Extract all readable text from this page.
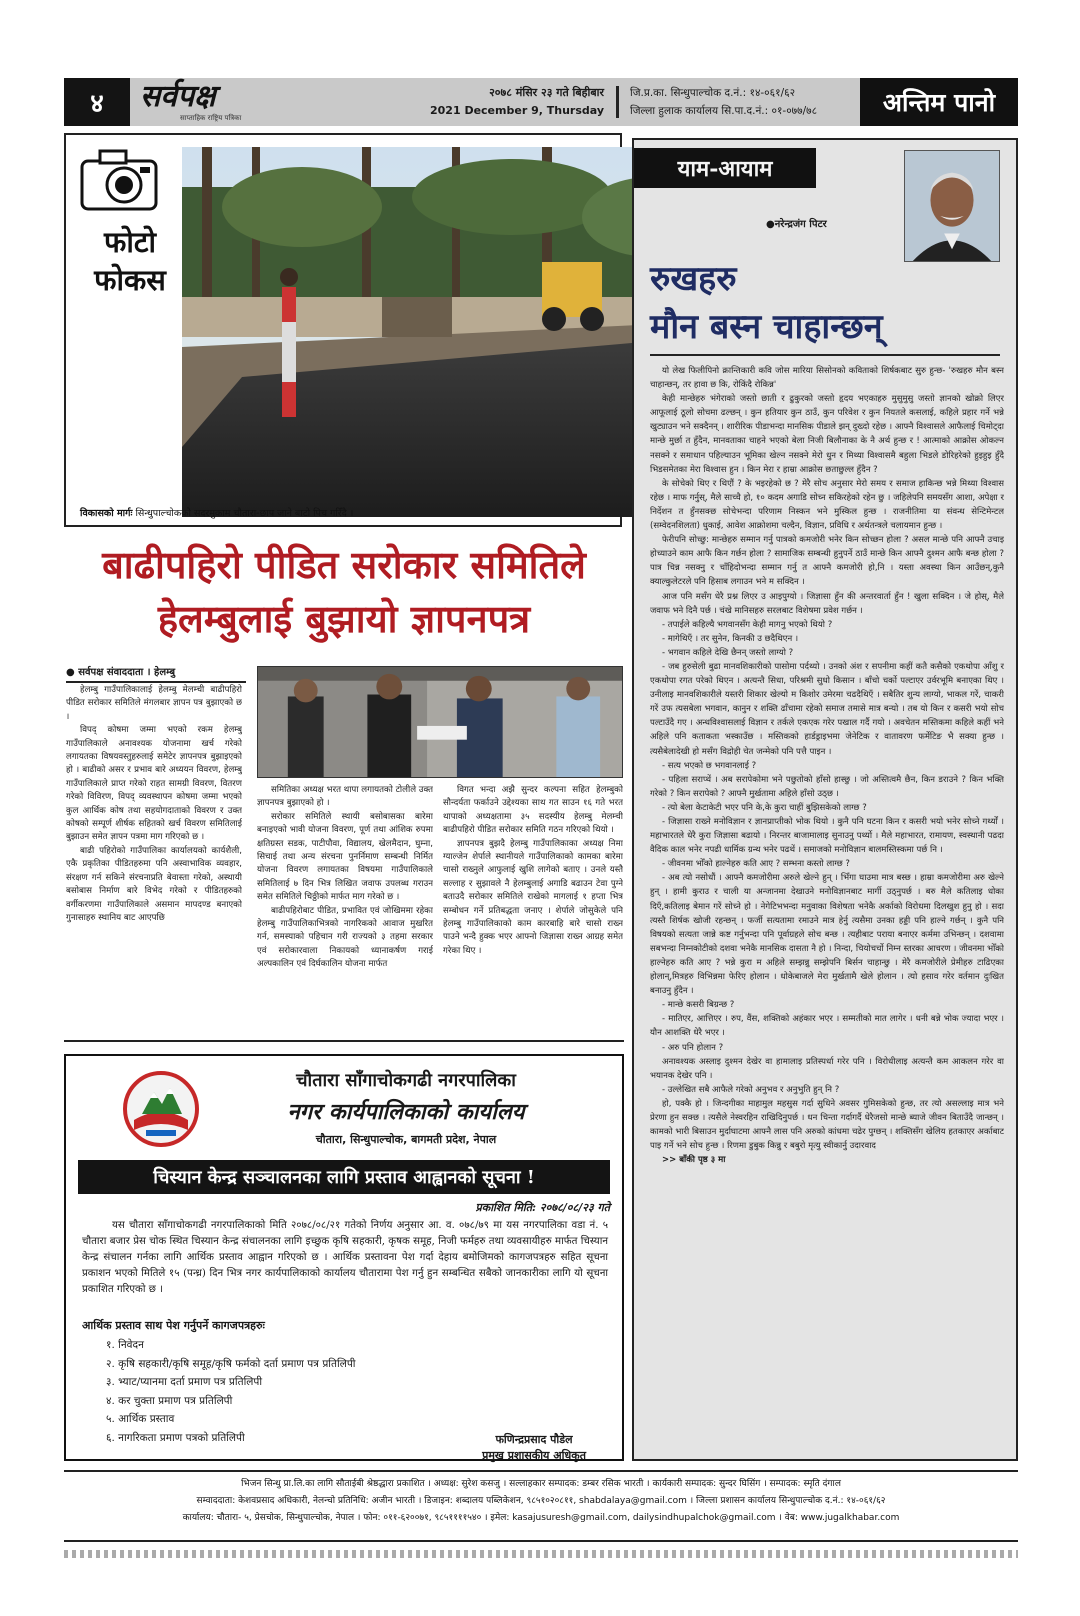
४	सर्वपक्ष
साप्ताहिक राष्ट्रिय पत्रिका
२०७८ मंसिर २३ गते बिहीबार
2021 December 9, Thursday
जि.प्र.का. सिन्धुपाल्चोक द.नं.: १४-०६१/६२
जिल्ला हुलाक कार्यालय सि.पा.द.नं.: ०१-०७७/७८	अन्तिम पानो
फोटो
फोकस
विकासको मार्गः सिन्धुपाल्चोकको सदरमुकाम चौतारा-छाप जाने बाटो पिच गरिँदै ।
बाढीपहिरो पीडित सरोकार समितिले
हेलम्बुलाई बुझायो ज्ञापनपत्र
● सर्वपक्ष संवाददाता । हेलम्बु

हेलम्बु गाउँपालिकालाई हेलम्बु मेलम्ची बाढीपहिरो पीडित सरोकार समितिले मंगलबार ज्ञापन पत्र बुझाएको छ ।

विपद् कोषमा जम्मा भएको रकम हेलम्बु गाउँपालिकाले अनावश्यक योजनामा खर्च गरेको लगायतका विषयवस्तुहरुलाई समेटेर ज्ञापनपत्र बुझाइएको हो । बाढीको असर र प्रभाव बारे अध्ययन विवरण, हेलम्बु गाउँपालिकाले प्राप्त गरेको राहत सामग्री विवरण, वितरण गरेको विविरण, विपद् व्यवस्थापन कोषमा जम्मा भएको कुल आर्थिक कोष तथा सहयोगदाताको विवरण र उक्त कोषको सम्पूर्ण शीर्षक सहितको खर्च विवरण समितिलाई बुझाउन समेत ज्ञापन पत्रमा माग गरिएको छ ।

बाढी पहिरोको गाउँपालिका कार्यालयको कार्यशैली, एकै प्रकृतिका पीडितहरुमा पनि अस्वाभाविक व्यवहार, संरक्षण गर्न सकिने संरचनाप्रति बेवास्ता गरेको, अस्थायी बसोबास निर्माण बारे विभेद गरेको र पीडितहरुको वर्गीकरणमा गाउँपालिकाले असमान मापदण्ड बनाएको गुनासाहरु स्थानिय बाट आएपछि

समितिका अध्यक्ष भरत थापा लगायतको टोलीले उक्त ज्ञापनपत्र बुझाएको हो ।

सरोकार समितिले स्थायी बसोबासका बारेमा बनाइएको भावी योजना विवरण, पूर्ण तथा आंशिक रुपमा क्षतिग्रस्त सडक, पाटीपौवा, विद्यालय, खेलमैदान, घुम्ना, सिचाई तथा अन्य संरचना पुनर्निमाण सम्बन्धी निर्मित योजना विवरण लगायतका विषयमा गाउँपालिकाले समितिलाई ७ दिन भित्र लिखित जवाफ उपलब्ध गराउन समेत समितिले चिठ्ठीको मार्फत माग गरेको छ ।

बाढीपहिरोबाट पीडित, प्रभावित एवं जोखिममा रहेका हेलम्बु गाउँपालिकाभित्रको नागरिकको आवाज मुखरित गर्न, समस्याको पहिचान गरी राज्यको ३ तहमा सरकार एवं सरोकारवाला निकायको ध्यानाकर्षण गराई अल्पकालिन एवं दिर्घकालिन योजना मार्फत

विगत भन्दा अझै सुन्दर कल्पना सहित हेलम्बुको सौन्दर्यता फर्काउने उद्देश्यका साथ गत साउन १६ गते भरत थापाको अध्यक्षतामा ३५ सदस्यीय हेलम्बु मेलम्ची बाढीपहिरो पीडित सरोकार समिति गठन गरिएको थियो ।

ज्ञापनपत्र बुझदै हेलम्बु गाउँपालिकाका अध्यक्ष निमा ग्याल्जेन शेर्पाले स्थानीयले गाउँपालिकाको कामका बारेमा चासो राख्नुले आफुलाई खुशि लागेको बताए । उनले यस्तै सल्लाह र सुझावले नै हेलम्बुलाई अगाडि बढाउन टेवा पुग्ने बताउदै सरोकार समितिले राखेको मागलाई १ हप्ता भित्र सम्बोधन गर्ने प्रतिबद्धता जनाए । शेर्पाले जोसुकेले पनि हेलम्बु गाउँपालिकाको काम कारबाहि बारे चासो राख्न पाउने भन्दै हुक्क भएर आफ्नो जिज्ञासा राख्न आग्रह समेत गरेका थिए ।

चौतारा साँगाचोकगढी नगरपालिका
नगर कार्यपालिकाको कार्यालय
चौतारा, सिन्धुपाल्चोक, बागमती प्रदेश, नेपाल
चिस्यान केन्द्र सञ्चालनका लागि प्रस्ताव आह्वानको सूचना !
प्रकाशित मिति: २०७८/०८/२३ गते

यस चौतारा साँगाचोकगढी नगरपालिकाको मिति २०७८/०८/२१ गतेको निर्णय अनुसार आ. व. ०७८/७९ मा यस नगरपालिका वडा नं. ५ चौतारा बजार प्रेस चोक स्थित चिस्यान केन्द्र संचालनका लागि इच्छुक कृषि सहकारी, कृषक समूह, निजी फर्महरु तथा व्यवसायीहरु मार्फत चिस्यान केन्द्र संचालन गर्नका लागि आर्थिक प्रस्ताव आह्वान गरिएको छ । आर्थिक प्रस्तावना पेश गर्दा देहाय बमोजिमको कागजपत्रहरु सहित सूचना प्रकाशन भएको मितिले १५ (पन्ध्र) दिन भित्र नगर कार्यपालिकाको कार्यालय चौतारामा पेश गर्नु हुन सम्बन्धित सबैको जानकारीका लागि यो सूचना प्रकाशित गरिएको छ ।

आर्थिक प्रस्ताव साथ पेश गर्नुपर्ने कागजपत्रहरुः
१. निवेदन
२. कृषि सहकारी/कृषि समूह/कृषि फर्मको दर्ता प्रमाण पत्र प्रतिलिपी
३. भ्याट/प्यानमा दर्ता प्रमाण पत्र प्रतिलिपी
४. कर चुक्ता प्रमाण पत्र प्रतिलिपी
५. आर्थिक प्रस्ताव
६. नागरिकता प्रमाण पत्रको प्रतिलिपी	फणिन्द्रप्रसाद पौडेल
प्रमुख प्रशासकीय अधिकृत
याम-आयाम
●नरेन्द्रजंग पिटर
रुखहरु
मौन बस्न चाहान्छन्

यो लेख फिलीपिनो क्रान्तिकारी कवि जोस मारिया सिसोनको कविताको शिर्षकबाट सुरु हुन्छ- 'रुखहरु मौन बस्न चाहान्छन्, तर हावा छ कि, रोकिंदै रोकिन्न'

केही मान्छेहरु भंगेराको जस्तो छाती र ढुकुरको जस्तो हृदय भएकाहरु मुसुमुसु जस्तो ज्ञानको खोक्रो लिएर आफूलाई ठूलो सोचमा ढल्छन् । कुन हतियार कुन ठाउँ, कुन परिवेश र कुन नियतले कसलाई, कहिले प्रहार गर्ने भन्ने खुट्याउन भने सक्दैनन् । शारीरिक पीडाभन्दा मानसिक पीडाले झन् दुख्दो रहेछ । आफ्नै विश्वासले आफैलाई चिमोट्दा मान्छे मुर्छा त हुँदैन, मानवताका चाहने भएको बेला निजी बिलौनाका के नै अर्थ हुन्छ र ! आत्माको आक्रोस ओकल्न नसक्ने र समाधान पहिल्याउन भूमिका खेल्न नसक्ने मेरो धुन र मिथ्या विश्वासमै बहुला भिडले डोरिहरेको हुइहुइ हुँदै भिडसमेतका मेरा विश्वास हुन । किन मेरा र हाम्रा आक्रोस छताछुल्ल हुँदैन ?

के सोचेको थिए र थिएौं ? के भइरहेको छ ? मेरै सोच अनुसार मेरो समय र समाज हाकिन्छ भन्ने मिथ्या विश्वास रहेछ । माफ गर्नुस्, मैले साच्चै हो, १० कदम अगाडि सोच्न सकिरहेको रहेन छु । जहिलेपनि समयसँग आशा, अपेक्षा र निर्देशन त हुँनसक्छ सोचेभन्दा परिणाम निस्कन भने मुस्किल हुन्छ । राजनीतिमा या संवन्ध सेन्टिमेन्टल (सम्वेदनशिलता) धुकाई, आवेश आक्रोशमा चल्दैन, विज्ञान, प्रविधि र अर्थतन्त्रले चलायमान हुन्छ ।

फेरीपनि सोच्छु: मान्छेहरु सम्मान गर्नु पात्रको कमजोरी भनेर किन सोच्छन होला ? असल मान्छे पनि आफ्नै उचाइ होच्याउने काम आफै किन गर्छन होला ? सामाजिक सम्बन्धी हुनुपर्ने ठाउँ मान्छे किन आफ्नै दुश्मन आफै बन्छ होला ? पात्र चिन्न नसक्नु र चाँहिदोभन्दा सम्मान गर्नु त आफ्नै कमजोरी हो,नि । यस्ता अवस्था किन आउँछन्,कुनै क्याल्कुलेटरले पनि हिसाब लगाउन भने म सक्दिन ।

आज पनि मसँग धेरै प्रश्न लिएर उ आइपुग्यो । जिज्ञासा हुँन की अन्तरवार्ता हुँन ! खुला सक्दिन । जे होस्, मैले जवाफ भने दिनै पर्छ । चंखे मानिसहरु सरलबाट विशेषमा प्रवेश गर्छन ।

- तपाईले कहिल्यै भगवानसँग केही मागनु भएको थियो ?

- मागेथिएँ । तर सुनेन, किनकी उ छदैथिएन ।

- भगवान कहिले देखि छैनन् जस्तो लाग्यो ?

- जब हुरुसेली बुढा मानवशिकारीको पासोमा पर्दथ्यो । उनको अंश र सपनीमा कहीं कतै कसैको एकथोपा आँशु र एकथोपा रगत परेको थिएन । अत्यन्तै सिधा, परिश्रमी सुधो किसान । बाँचो चर्को पल्टाएर उर्वरभूमि बनाएका थिए । उनीलाइ मानवशिकारीले यस्तरी शिकार खेल्यो म किशोर उमेरमा चढदैथिएँ । सबैतिर शुन्य लाग्यो, भाकल गरें, चाकरी गरें उफ त्यसबेला भगवान, कानुन र शक्ति ढाँचामा रहेको समाज तमासे मात्र बन्यो । तब यो किन र कसरी भयो सोच पल्टाउँदै गए । अन्धविश्वासलाई विज्ञान र तर्कले एकएक गरेर पखाल गर्दै गयो । अवचेतन मस्तिकमा कहिले कहीं भने अहिले पनि कताकता भस्काउँछ । मस्तिकको हार्डड्राइभमा जेनेटिक र वातावरण फर्मेटिङ भै सक्या हुन्छ । त्यसैबेलादेखी हो मसँग विद्रोही चेत जन्मेको पनि पत्तै पाइन ।

- सत्य भएको छ भगवानलाई ?

- पहिला सराप्थें । अब सरापेकोमा भने पछुतोको हाँसो हास्छु । जो अस्तित्वमै छैन, किन डराउने ? किन भक्ति गरेको ? किन सरापेको ? आफ्नै मुर्खतामा अहिले हाँसो उठ्छ ।

- त्यो बेला केटाकेटी भएर पनि के,के कुरा चाहीं बुझिसकेको लाग्छ ?

- जिज्ञासा राख्ने मनोविज्ञान र ज्ञानप्राप्तीको भोक थियो । कुनै पनि घटना किन र कसरी भयो भनेर सोच्ने गर्थ्यों । महाभारतले धेरै कुरा जिज्ञासा बढायो । निरन्तर बाजामालाइ सुनाउनु पर्थ्यो । मैले महाभारत, रामायण, स्वस्थानी पढदा वैदिक काल भनेर नपढी धार्मिक ग्रन्थ भनेर पढथें । समाजको मनोविज्ञान बालमस्तिस्कमा पर्छ नि ।

- जीवनमा भोँको हाल्नेहरु कति आए ? सम्भना कस्तो लाग्छ ?

- अब त्यो नसोधौं । आफ्नै कमजोरीमा अरुले खेल्ने हुन् । भिँगा घाउमा मात्र बस्छ । हाम्रा कमजोरीमा अरु खेल्ने हुन् । हामी कुराउ र चाली या अन्जानमा देखाउने मनोविज्ञानबाट मार्गी उठ्नुपर्छ । बरु मैले कतिलाइ धोका दिएँ,कतिलाइ बेमान गरें सोच्ने हो । नेगेटिभभन्दा मनुवाका विशेषता भनेकै अर्काको विरोधमा दिलखुश हुनु हो । सदा त्यस्तै शिर्षक खोजी रहन्छन् । फर्जी सत्यतामा रमाउने मात्र हेर्नु त्यसैमा उनका हड्डी पनि हाल्ने गर्छन् । कुनै पनि विषयको सत्यता जान्ने कष्ट गर्नुभन्दा पनि पूर्वाग्रहले सोच बन्छ । त्यहीबाट पराया बनाएर कर्ममा उभिन्छन् । दशवामा सबभन्दा निम्नकोटीको दशवा भनेकै मानसिक दासता नै हो । निन्दा, चियोचर्चो निम्न स्तरका आचरण । जीवनमा भोँको हाल्नेहरु कति आए ? भन्ने कुरा म अहिले सम्झन्नु सम्झेपनि बिर्सन चाहान्छु । मेरै कमजोरीले प्रेमीहरु टाढिएका होलान्,मित्रहरु विभिन्नमा फेरिए होलान । धोकेबाजले मेरा मुर्खतामै खेले होलान । त्यो हसाव गरेर वर्तमान दुःखित बनाउनु हुँदैन ।

- मान्छे कसरी बिग्रन्छ ?

- मातिएर, आत्तिएर । रुप, वैंस, शक्तिको अहंकार भएर । सम्मतीको मात लागेर । धनी बन्ने भोक ज्यादा भएर । यौन आशक्ति धेरै भएर ।

- अरु पनि होलान ?

अनावश्यक अस्लाइ दुश्मन देखेर वा हामालाइ प्रतिस्पर्धा गरेर पनि । विरोधीलाइ अत्यन्तै कम आकलन गरेर वा भयानक देखेर पनि ।

- उल्लेखित सबै आफैले गरेको अनुभव र अनुभुति हुन् नि ?

हो, पक्कै हो । जिन्दगीका माहामुल महसुस गर्दा सुधिने अवसर गुमिसकेको हुन्छ, तर त्यो असल्लाइ मात्र भने प्रेरणा हुन सक्छ । त्यसैले नेस्वरहिन राखिदिनुपर्छ । धन चिन्ता गर्दागर्दै धेरैजसो मान्छे ब्याजे जीवन बिताउँदै जान्छन् । कामको भारी बिसाउन मुर्दाघाटमा आफ्नै लास पनि अरुको कांधमा चढेर पुग्छन् । शक्तिसँग खेलिय हतकाएर अर्काबाट पाइ गर्ने भने सोच हुन्छ । रिणमा डुबुक किन्नु र बबुरो मृत्यु स्वीकार्नु उदारवाद

>> बाँकी पृष्ठ ३ मा

भिजन सिन्धु प्रा.लि.का लागि सौताईबी श्रेष्ठद्धारा प्रकाशित । अध्यक्ष: सुरेश कसजु । सल्लाहकार सम्पादक: डम्बर रसिक भारती । कार्यकारी सम्पादक: सुन्दर घिसिंग । सम्पादक: स्मृति दंगाल
सम्वाददाता: केशवप्रसाद अधिकारी, नेलन्चो प्रतिनिधि: अजीन भारती । डिजाइन: शब्दालय पब्लिकेशन, ९८५१०२०८११, shabdalaya@gmail.com । जिल्ला प्रशासन कार्यालय सिन्धुपाल्चोक द.नं.: १४-०६१/६२
कार्यालय: चौतारा- ५, प्रेसचोक, सिन्धुपाल्चोक, नेपाल । फोन: ०११-६२००७१, ९८५११११५४० । इमेल: kasajusuresh@gmail.com, dailysindhupalchok@gmail.com । वेब: www.jugalkhabar.com
